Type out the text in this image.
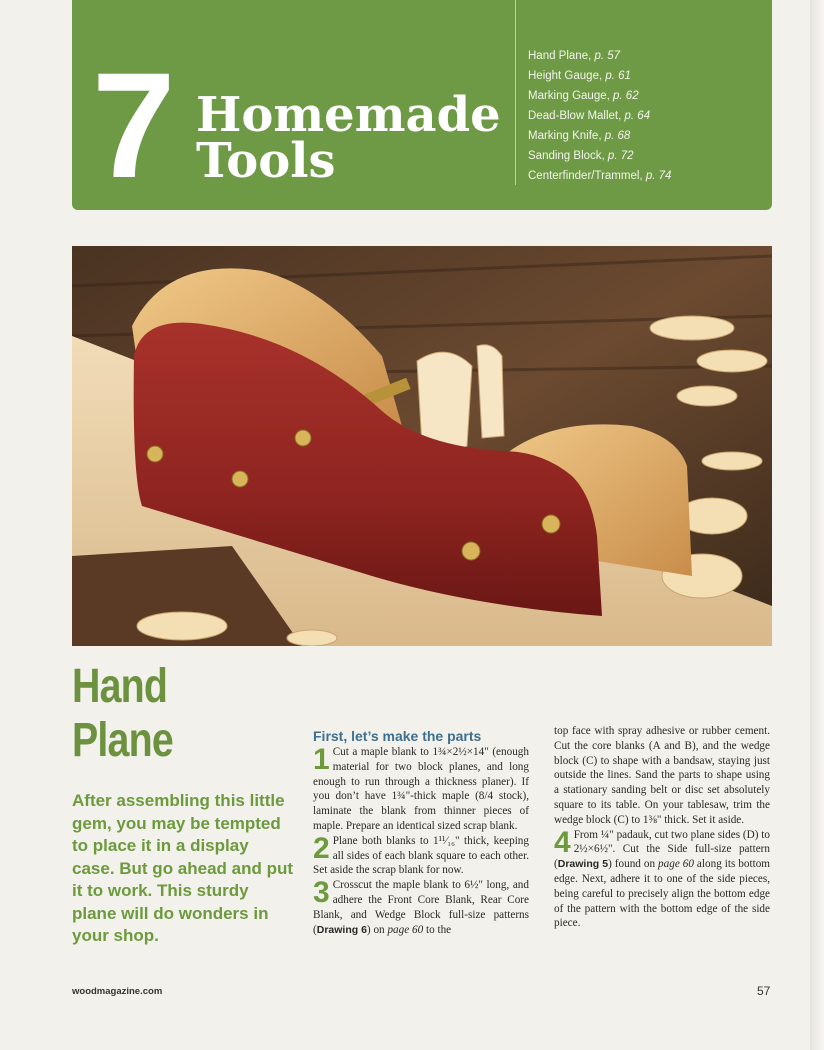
7 Homemade
Tools
Hand Plane, p. 57
Height Gauge, p. 61
Marking Gauge, p. 62
Dead-Blow Mallet, p. 64
Marking Knife, p. 68
Sanding Block, p. 72
Centerfinder/Trammel, p. 74
Hand
Plane
After assembling this little gem, you may be tempted to place it in a display case. But go ahead and put it to work. This sturdy plane will do wonders in your shop.
First, let’s make the parts

1 Cut a maple blank to 1¾×2½×14" (enough material for two block planes, and long enough to run through a thickness planer). If you don’t have 1¾"-thick maple (8/4 stock), laminate the blank from thinner pieces of maple. Prepare an identical sized scrap blank.

2 Plane both blanks to 1¹¹⁄₁₆" thick, keeping all sides of each blank square to each other. Set aside the scrap blank for now.

3 Crosscut the maple blank to 6½" long, and adhere the Front Core Blank, Rear Core Blank, and Wedge Block full-size patterns (Drawing 6) on page 60 to the

top face with spray adhesive or rubber cement. Cut the core blanks (A and B), and the wedge block (C) to shape with a bandsaw, staying just outside the lines. Sand the parts to shape using a stationary sanding belt or disc set absolutely square to its table. On your tablesaw, trim the wedge block (C) to 1⅜" thick. Set it aside.

4 From ¼" padauk, cut two plane sides (D) to 2½×6½". Cut the Side full-size pattern (Drawing 5) found on page 60 along its bottom edge. Next, adhere it to one of the side pieces, being careful to precisely align the bottom edge of the pattern with the bottom edge of the side piece.

woodmagazine.com	57
